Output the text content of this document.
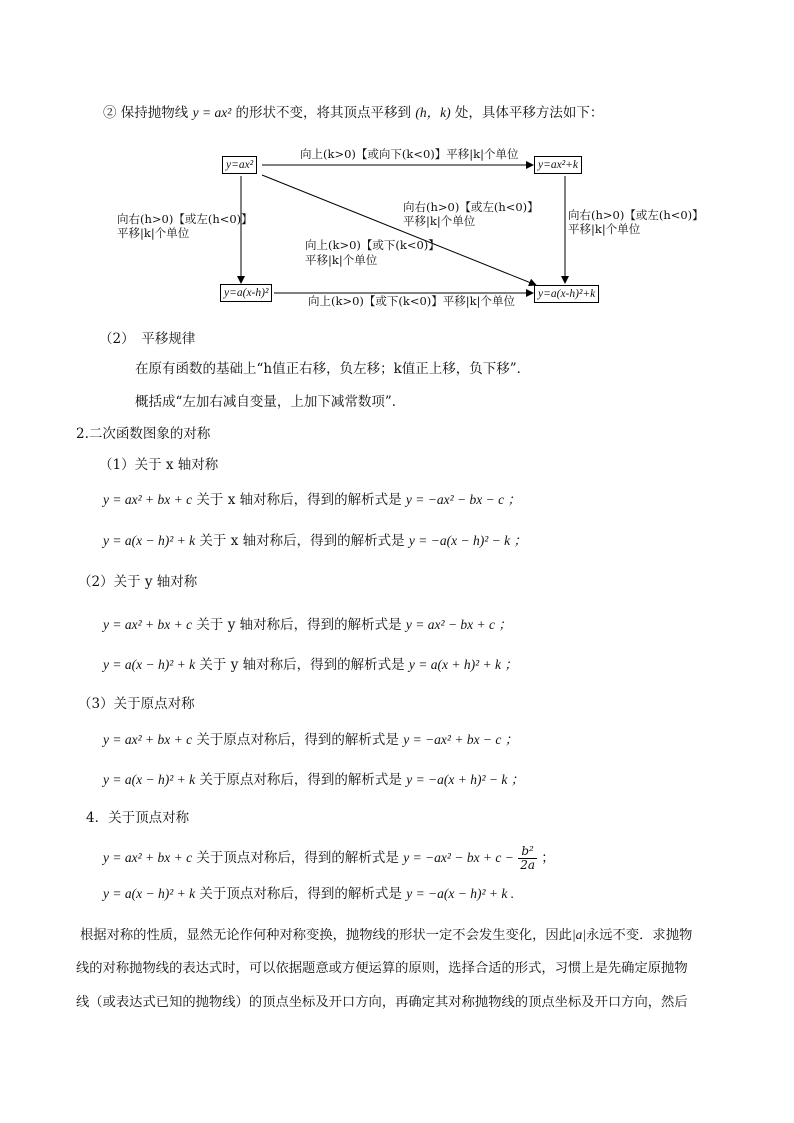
② 保持抛物线 y = ax² 的形状不变，将其顶点平移到 (h，k) 处，具体平移方法如下：
y=ax²	y=ax²+k
y=a(x-h)²	y=a(x-h)²+k
向上(k>0)【或向下(k<0)】平移|k|个单位
向上(k>0)【或下(k<0)】平移|k|个单位
向右(h>0)【或左(h<0)】
平移|k|个单位
向右(h>0)【或左(h<0)】
平移|k|个单位
向右(h>0)【或左(h<0)】
平移|k|个单位
向上(k>0)【或下(k<0)】
平移|k|个单位
（2）　平移规律
在原有函数的基础上“h值正右移，负左移；k值正上移，负下移”．
概括成“左加右减自变量，上加下减常数项”．
2.二次函数图象的对称
（1）关于 x 轴对称
y = ax² + bx + c 关于 x 轴对称后，得到的解析式是 y = −ax² − bx − c ；
y = a(x − h)² + k 关于 x 轴对称后，得到的解析式是 y = −a(x − h)² − k ；
（2）关于 y 轴对称
y = ax² + bx + c 关于 y 轴对称后，得到的解析式是 y = ax² − bx + c ；
y = a(x − h)² + k 关于 y 轴对称后，得到的解析式是 y = a(x + h)² + k ；
（3）关于原点对称
y = ax² + bx + c 关于原点对称后，得到的解析式是 y = −ax² + bx − c ；
y = a(x − h)² + k 关于原点对称后，得到的解析式是 y = −a(x + h)² − k ；
4．关于顶点对称
y = ax² + bx + c 关于顶点对称后，得到的解析式是 y = −ax² − bx + $c - \frac{\text{b²}}{2a}$ ；
y = a(x − h)² + k 关于顶点对称后，得到的解析式是 y = −a(x − h)² + k .
根据对称的性质，显然无论作何种对称变换，抛物线的形状一定不会发生变化，因此|a|永远不变．求抛物
线的对称抛物线的表达式时，可以依据题意或方便运算的原则，选择合适的形式，习惯上是先确定原抛物
线（或表达式已知的抛物线）的顶点坐标及开口方向，再确定其对称抛物线的顶点坐标及开口方向，然后
